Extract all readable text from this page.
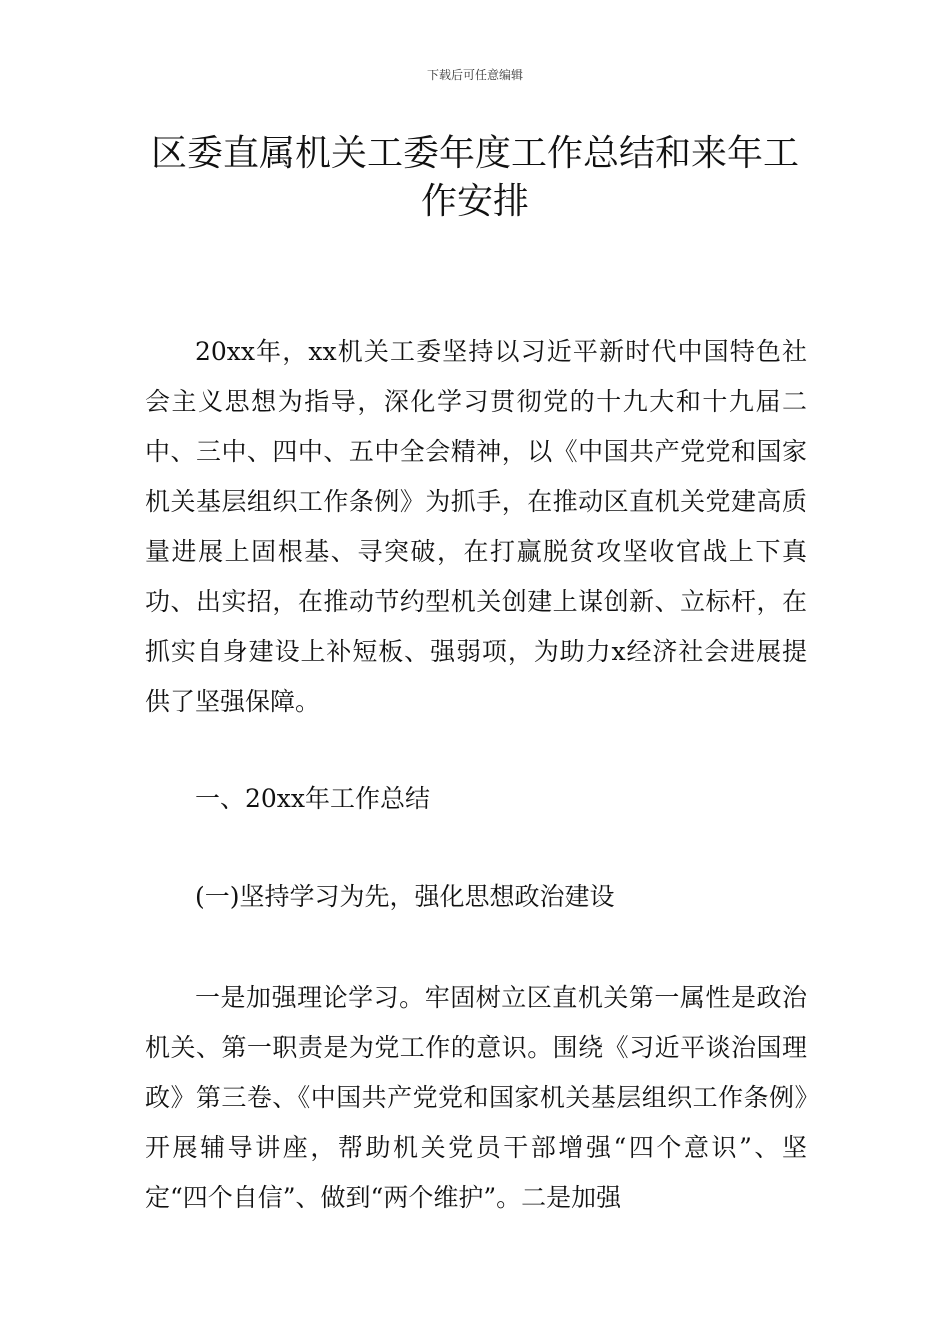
下载后可任意编辑
区委直属机关工委年度工作总结和来年工作安排

20xx年，xx机关工委坚持以习近平新时代中国特色社会主义思想为指导，深化学习贯彻党的十九大和十九届二中、三中、四中、五中全会精神，以《中国共产党党和国家机关基层组织工作条例》为抓手，在推动区直机关党建高质量进展上固根基、寻突破，在打赢脱贫攻坚收官战上下真功、出实招，在推动节约型机关创建上谋创新、立标杆，在抓实自身建设上补短板、强弱项，为助力x经济社会进展提供了坚强保障。

一、20xx年工作总结

(一)坚持学习为先，强化思想政治建设

一是加强理论学习。牢固树立区直机关第一属性是政治机关、第一职责是为党工作的意识。围绕《习近平谈治国理政》第三卷、《中国共产党党和国家机关基层组织工作条例》开展辅导讲座，帮助机关党员干部增强“四个意识”、坚定“四个自信”、做到“两个维护”。二是加强
